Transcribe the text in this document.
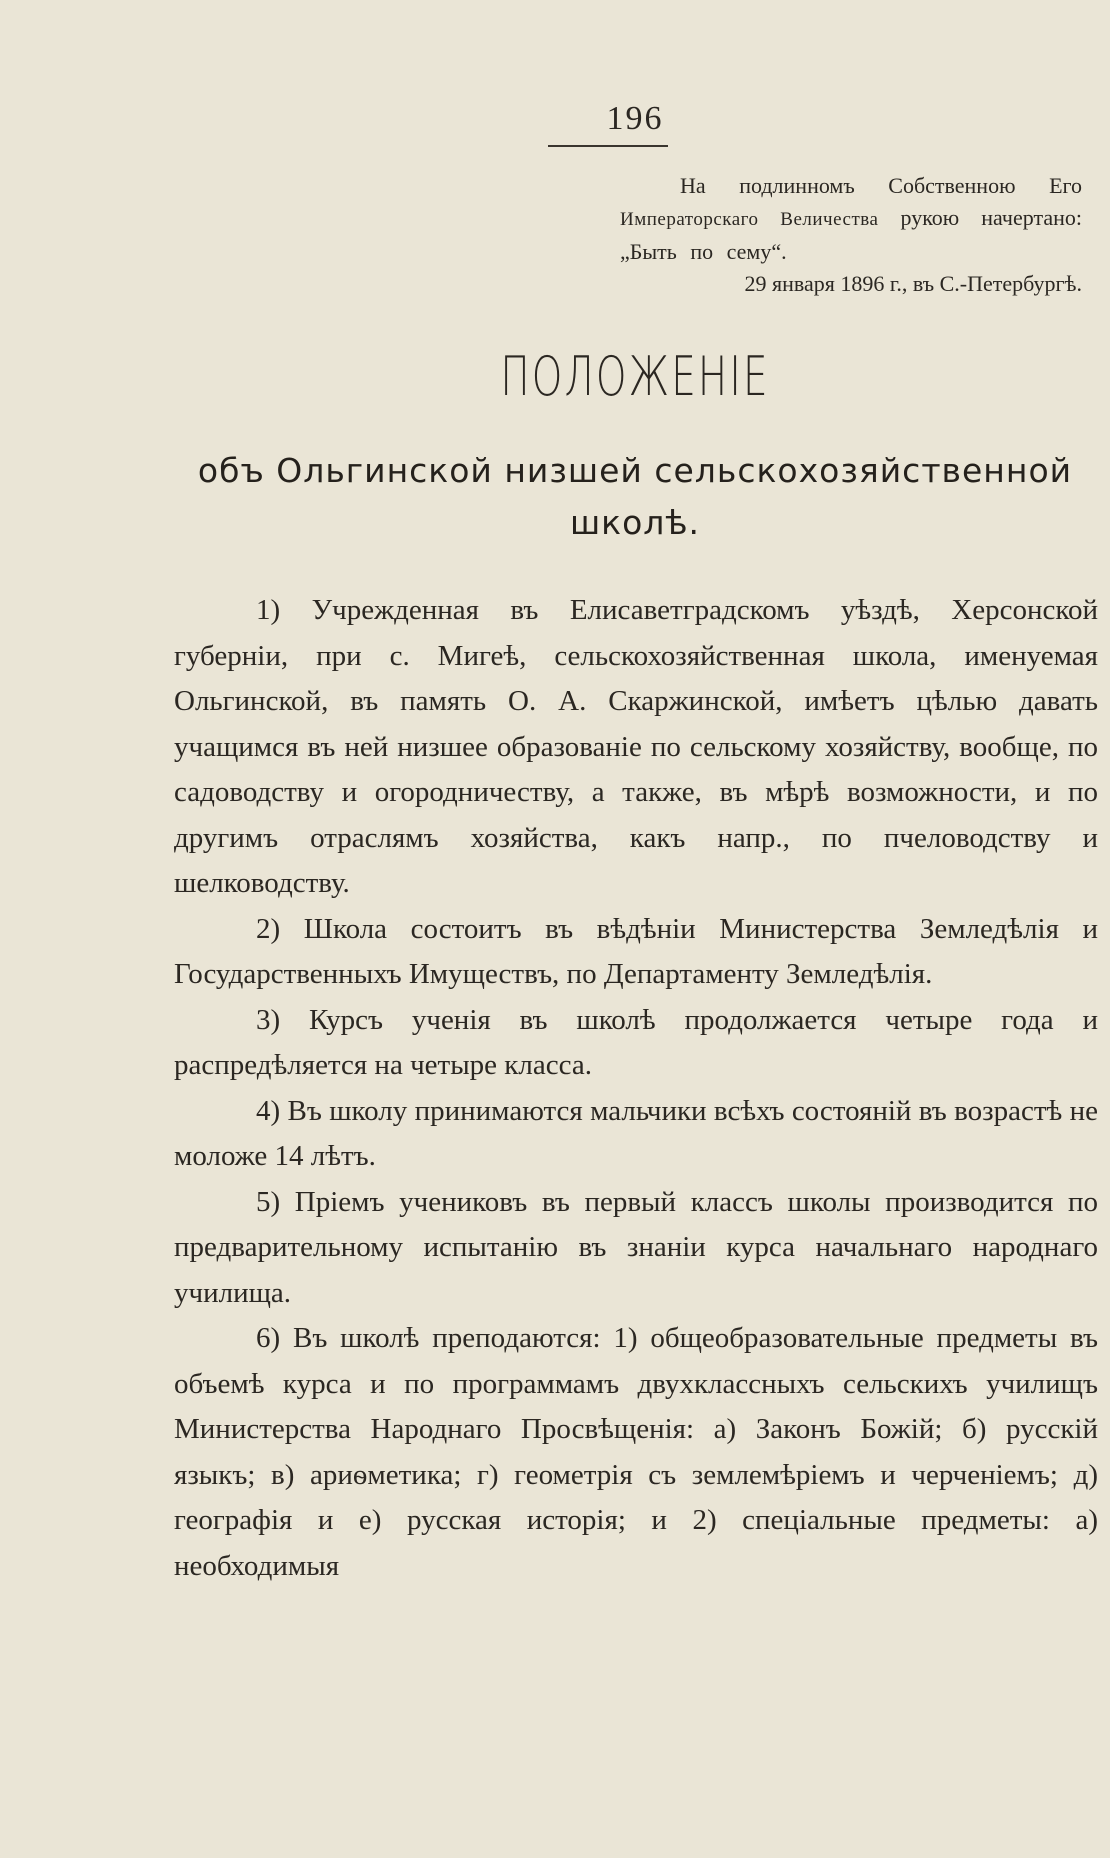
196

На подлинномъ Собственною Его Императорскаго Величества рукою начертано: „Быть по сему“.

29 января 1896 г., въ С.-Петербургѣ.

ПОЛОЖЕНІЕ
объ Ольгинской низшей сельскохозяйственной школѣ.

1) Учрежденная въ Елисаветградскомъ уѣздѣ, Херсонской губерніи, при с. Мигеѣ, сельскохозяйственная школа, именуемая Ольгинской, въ память О. А. Скаржинской, имѣетъ цѣлью давать учащимся въ ней низшее образованіе по сельскому хозяйству, вообще, по садоводству и огородничеству, а также, въ мѣрѣ возможности, и по другимъ отраслямъ хозяйства, какъ напр., по пчеловодству и шелководству.

2) Школа состоитъ въ вѣдѣніи Министерства Земледѣлія и Государственныхъ Имуществъ, по Департаменту Земледѣлія.

3) Курсъ ученія въ школѣ продолжается четыре года и распредѣляется на четыре класса.

4) Въ школу принимаются мальчики всѣхъ состояній въ возрастѣ не моложе 14 лѣтъ.

5) Пріемъ учениковъ въ первый классъ школы производится по предварительному испытанію въ знаніи курса начальнаго народнаго училища.

6) Въ школѣ преподаются: 1) общеобразовательные предметы въ объемѣ курса и по программамъ двухклассныхъ сельскихъ училищъ Министерства Народнаго Просвѣщенія: а) Законъ Божій; б) русскій языкъ; в) ариѳметика; г) геометрія съ землемѣріемъ и черченіемъ; д) географія и е) русская исторія; и 2) спеціальные предметы: а) необходимыя
